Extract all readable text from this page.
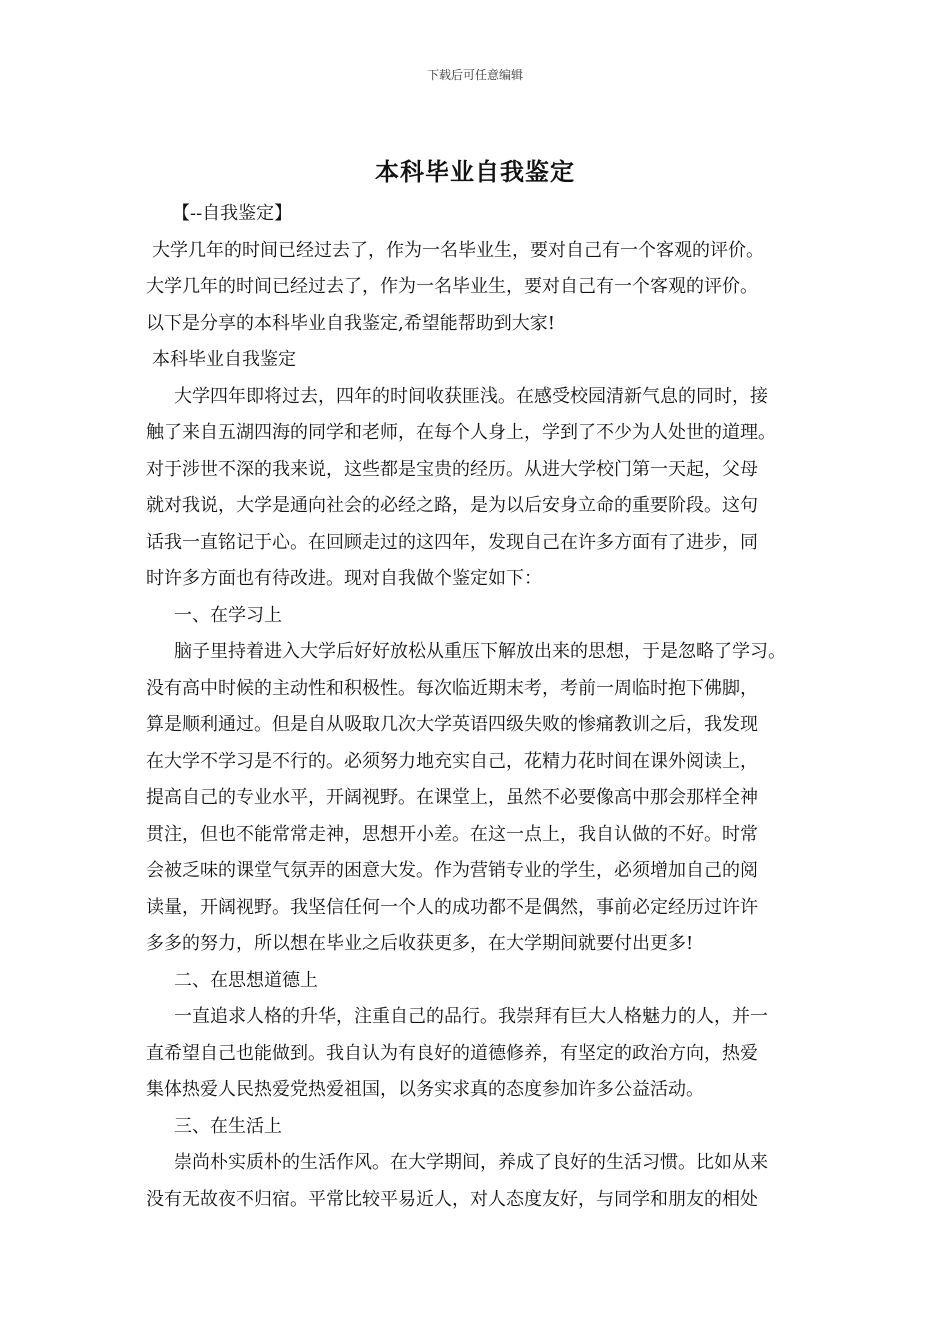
下载后可任意编辑
本科毕业自我鉴定

【--自我鉴定】

大学几年的时间已经过去了，作为一名毕业生，要对自己有一个客观的评价。

大学几年的时间已经过去了，作为一名毕业生，要对自己有一个客观的评价。

以下是分享的本科毕业自我鉴定,希望能帮助到大家!

本科毕业自我鉴定

大学四年即将过去，四年的时间收获匪浅。在感受校园清新气息的同时，接

触了来自五湖四海的同学和老师，在每个人身上，学到了不少为人处世的道理。

对于涉世不深的我来说，这些都是宝贵的经历。从进大学校门第一天起，父母

就对我说，大学是通向社会的必经之路，是为以后安身立命的重要阶段。这句

话我一直铭记于心。在回顾走过的这四年，发现自己在许多方面有了进步，同

时许多方面也有待改进。现对自我做个鉴定如下：

一、在学习上

脑子里持着进入大学后好好放松从重压下解放出来的思想，于是忽略了学习。

没有高中时候的主动性和积极性。每次临近期末考，考前一周临时抱下佛脚，

算是顺利通过。但是自从吸取几次大学英语四级失败的惨痛教训之后，我发现

在大学不学习是不行的。必须努力地充实自己，花精力花时间在课外阅读上，

提高自己的专业水平，开阔视野。在课堂上，虽然不必要像高中那会那样全神

贯注，但也不能常常走神，思想开小差。在这一点上，我自认做的不好。时常

会被乏味的课堂气氛弄的困意大发。作为营销专业的学生，必须增加自己的阅

读量，开阔视野。我坚信任何一个人的成功都不是偶然，事前必定经历过许许

多多的努力，所以想在毕业之后收获更多，在大学期间就要付出更多!

二、在思想道德上

一直追求人格的升华，注重自己的品行。我崇拜有巨大人格魅力的人，并一

直希望自己也能做到。我自认为有良好的道德修养，有坚定的政治方向，热爱

集体热爱人民热爱党热爱祖国，以务实求真的态度参加许多公益活动。

三、在生活上

崇尚朴实质朴的生活作风。在大学期间，养成了良好的生活习惯。比如从来

没有无故夜不归宿。平常比较平易近人，对人态度友好，与同学和朋友的相处
